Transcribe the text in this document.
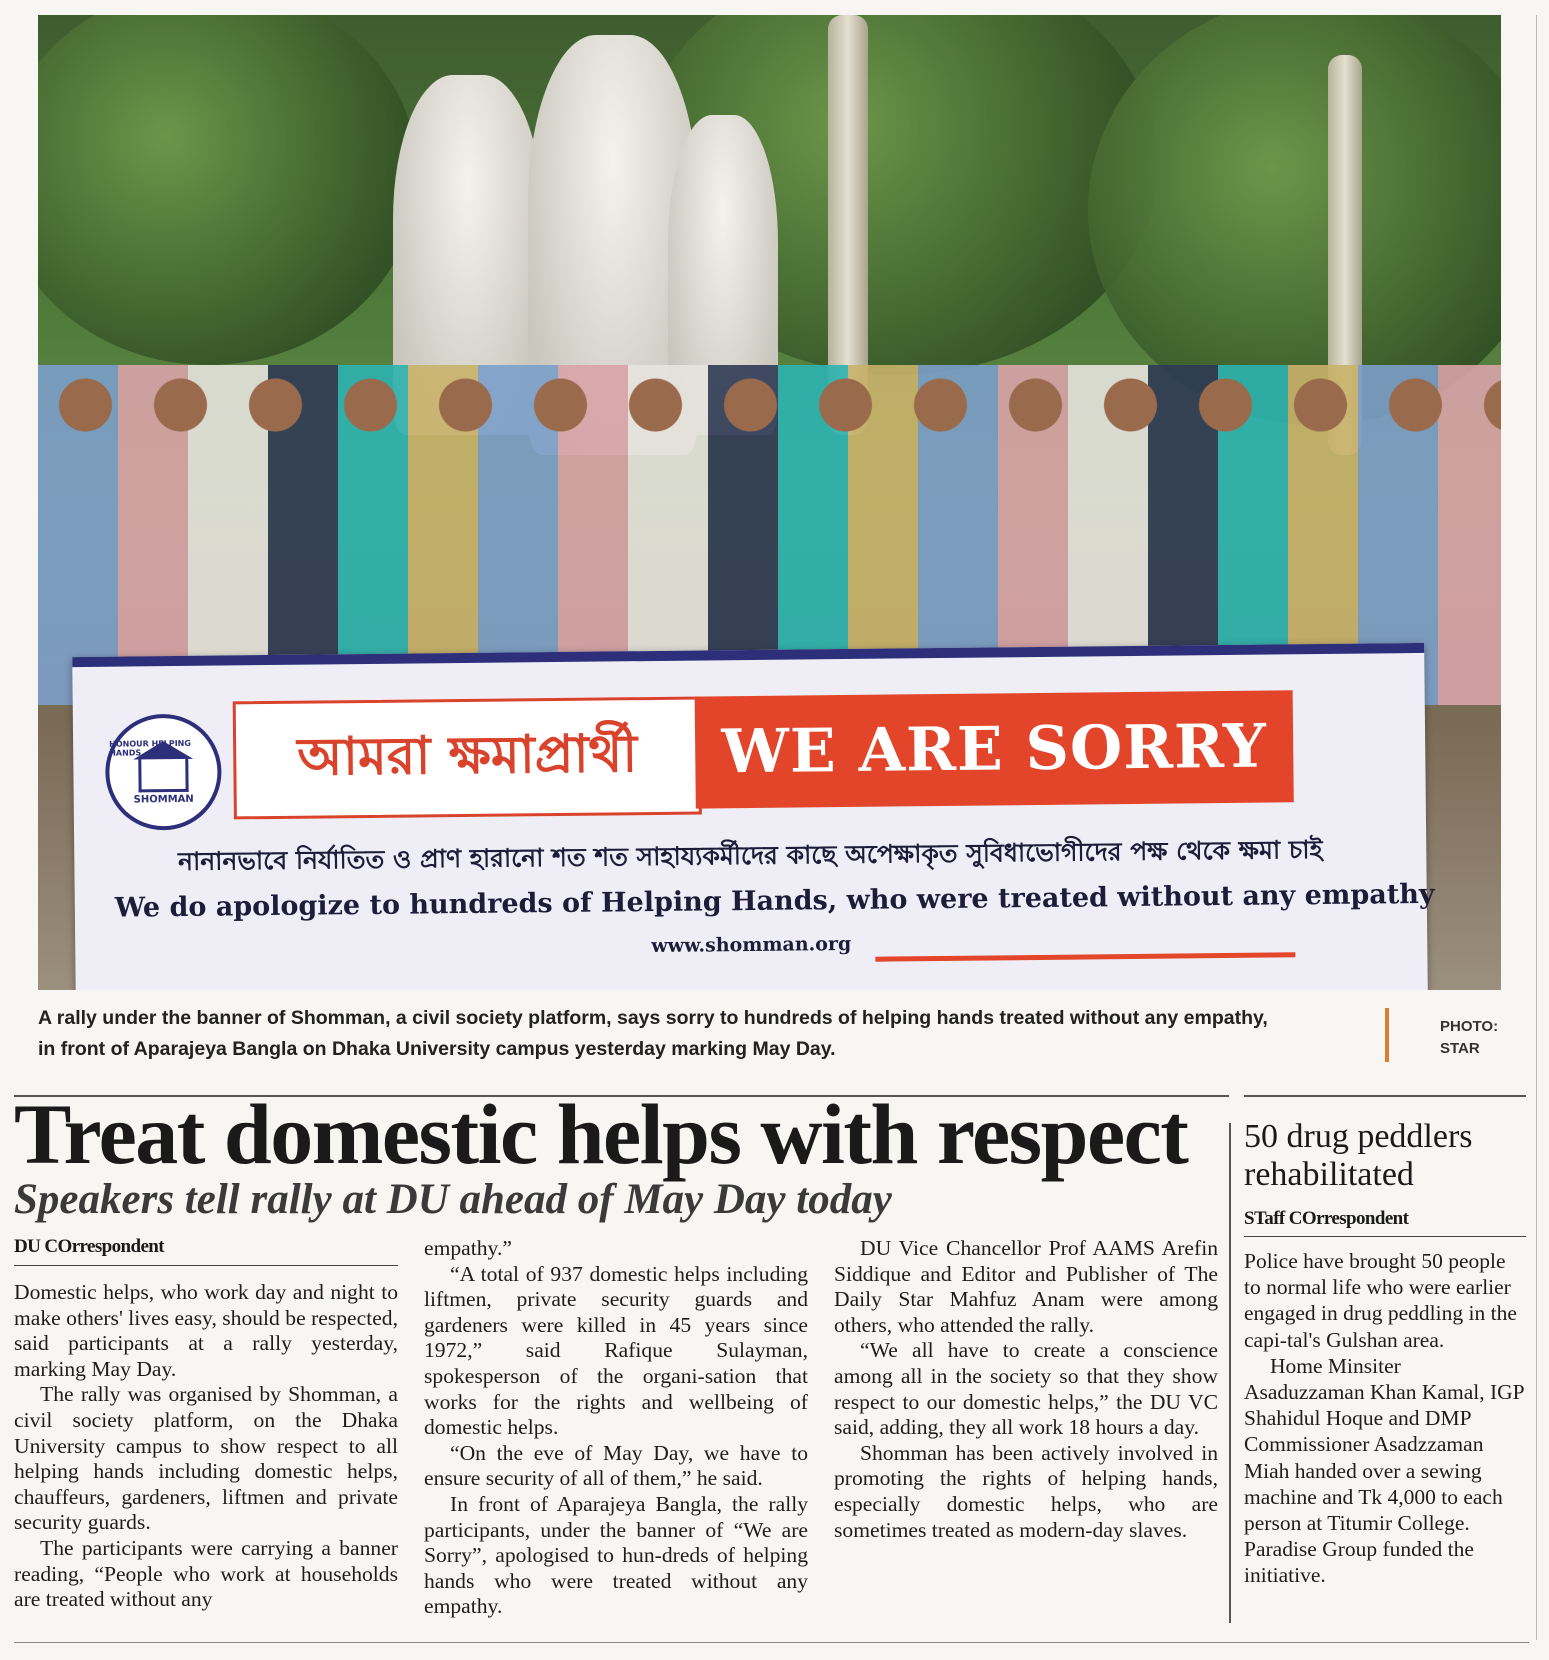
HONOUR HELPING HANDS
SHOMMAN
আমরা ক্ষমাপ্রার্থী	WE ARE SORRY
নানানভাবে নির্যাতিত ও প্রাণ হারানো শত শত সাহায্যকর্মীদের কাছে অপেক্ষাকৃত সুবিধাভোগীদের পক্ষ থেকে ক্ষমা চাই
We do apologize to hundreds of Helping Hands, who were treated without any empathy
www.shomman.org
A rally under the banner of Shomman, a civil society platform, says sorry to hundreds of helping hands treated without any empathy, in front of Aparajeya Bangla on Dhaka University campus yesterday marking May Day.
PHOTO:
STAR
Treat domestic helps with respect
Speakers tell rally at DU ahead of May Day today
DU COrrespondent

Domestic helps, who work day and night to make others' lives easy, should be respected, said participants at a rally yesterday, marking May Day.

The rally was organised by Shomman, a civil society platform, on the Dhaka University campus to show respect to all helping hands including domestic helps, chauffeurs, gardeners, liftmen and private security guards.

The participants were carrying a banner reading, “People who work at households are treated without any

empathy.”

“A total of 937 domestic helps including liftmen, private security guards and gardeners were killed in 45 years since 1972,” said Rafique Sulayman, spokesperson of the organi-sation that works for the rights and wellbeing of domestic helps.

“On the eve of May Day, we have to ensure security of all of them,” he said.

In front of Aparajeya Bangla, the rally participants, under the banner of “We are Sorry”, apologised to hun-dreds of helping hands who were treated without any empathy.

DU Vice Chancellor Prof AAMS Arefin Siddique and Editor and Publisher of The Daily Star Mahfuz Anam were among others, who attended the rally.

“We all have to create a conscience among all in the society so that they show respect to our domestic helps,” the DU VC said, adding, they all work 18 hours a day.

Shomman has been actively involved in promoting the rights of helping hands, especially domestic helps, who are sometimes treated as modern-day slaves.

50 drug peddlers rehabilitated
STaff COrrespondent

Police have brought 50 people to normal life who were earlier engaged in drug peddling in the capi-tal's Gulshan area.

Home Minsiter Asaduzzaman Khan Kamal, IGP Shahidul Hoque and DMP Commissioner Asadzzaman Miah handed over a sewing machine and Tk 4,000 to each person at Titumir College. Paradise Group funded the initiative.
